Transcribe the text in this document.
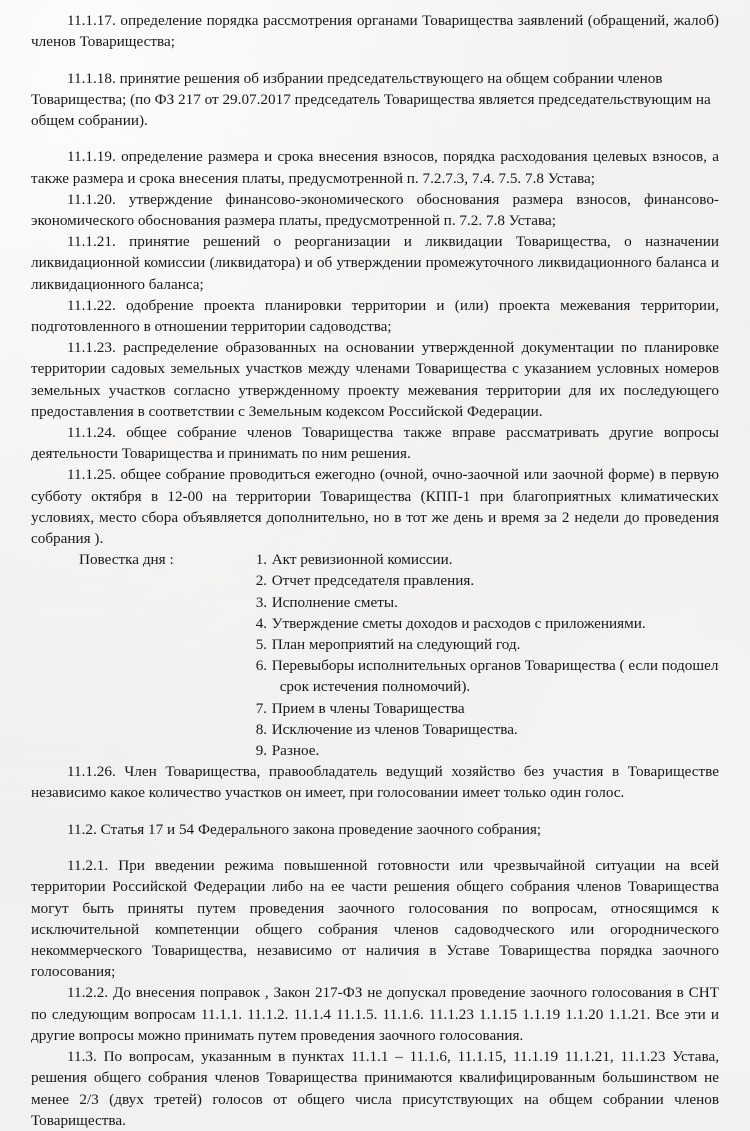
11.1.17. определение порядка рассмотрения органами Товарищества заявлений (обращений, жалоб) членов Товарищества;

11.1.18. принятие решения об избрании председательствующего на общем собрании членов Товарищества; (по ФЗ 217 от 29.07.2017 председатель Товарищества является председательствующим на общем собрании).

11.1.19. определение размера и срока внесения взносов, порядка расходования целевых взносов, а также размера и срока внесения платы, предусмотренной п. 7.2.7.3, 7.4. 7.5. 7.8 Устава;

11.1.20. утверждение финансово-экономического обоснования размера взносов, финансово-экономического обоснования размера платы, предусмотренной п. 7.2. 7.8 Устава;

11.1.21. принятие решений о реорганизации и ликвидации Товарищества, о назначении ликвидационной комиссии (ликвидатора) и об утверждении промежуточного ликвидационного баланса и ликвидационного баланса;

11.1.22. одобрение проекта планировки территории и (или) проекта межевания территории, подготовленного в отношении территории садоводства;

11.1.23. распределение образованных на основании утвержденной документации по планировке территории садовых земельных участков между членами Товарищества с указанием условных номеров земельных участков согласно утвержденному проекту межевания территории для их последующего предоставления в соответствии с Земельным кодексом Российской Федерации.

11.1.24. общее собрание членов Товарищества также вправе рассматривать другие вопросы деятельности Товарищества и принимать по ним решения.

11.1.25. общее собрание проводиться ежегодно (очной, очно-заочной или заочной форме) в первую субботу октября в 12-00 на территории Товарищества (КПП-1 при благоприятных климатических условиях, место сбора объявляется дополнительно, но в тот же день и время за 2 недели до проведения собрания ).

Повестка дня :	1. Акт ревизионной комиссии.
2. Отчет председателя правления.
3. Исполнение сметы.
4. Утверждение сметы доходов и расходов с приложениями.
5. План мероприятий на следующий год.
6. Перевыборы исполнительных органов Товарищества ( если подошел
срок истечения полномочий).
7. Прием в члены Товарищества
8. Исключение из членов Товарищества.
9. Разное.

11.1.26. Член Товарищества, правообладатель ведущий хозяйство без участия в Товариществе независимо какое количество участков он имеет, при голосовании имеет только один голос.

11.2. Статья 17 и 54 Федерального закона проведение заочного собрания;

11.2.1. При введении режима повышенной готовности или чрезвычайной ситуации на всей территории Российской Федерации либо на ее части решения общего собрания членов Товарищества могут быть приняты путем проведения заочного голосования по вопросам, относящимся к исключительной компетенции общего собрания членов садоводческого или огороднического некоммерческого Товарищества, независимо от наличия в Уставе Товарищества порядка заочного голосования;

11.2.2. До внесения поправок , Закон 217-ФЗ не допускал проведение заочного голосования в СНТ по следующим вопросам 11.1.1. 11.1.2. 11.1.4 11.1.5. 11.1.6. 11.1.23 1.1.15 1.1.19 1.1.20 1.1.21. Все эти и другие вопросы можно принимать путем проведения заочного голосования.

11.3. По вопросам, указанным в пунктах 11.1.1 – 11.1.6, 11.1.15, 11.1.19 11.1.21, 11.1.23 Устава, решения общего собрания членов Товарищества принимаются квалифицированным большинством не менее 2/3 (двух третей) голосов от общего числа присутствующих на общем собрании членов Товарищества.
